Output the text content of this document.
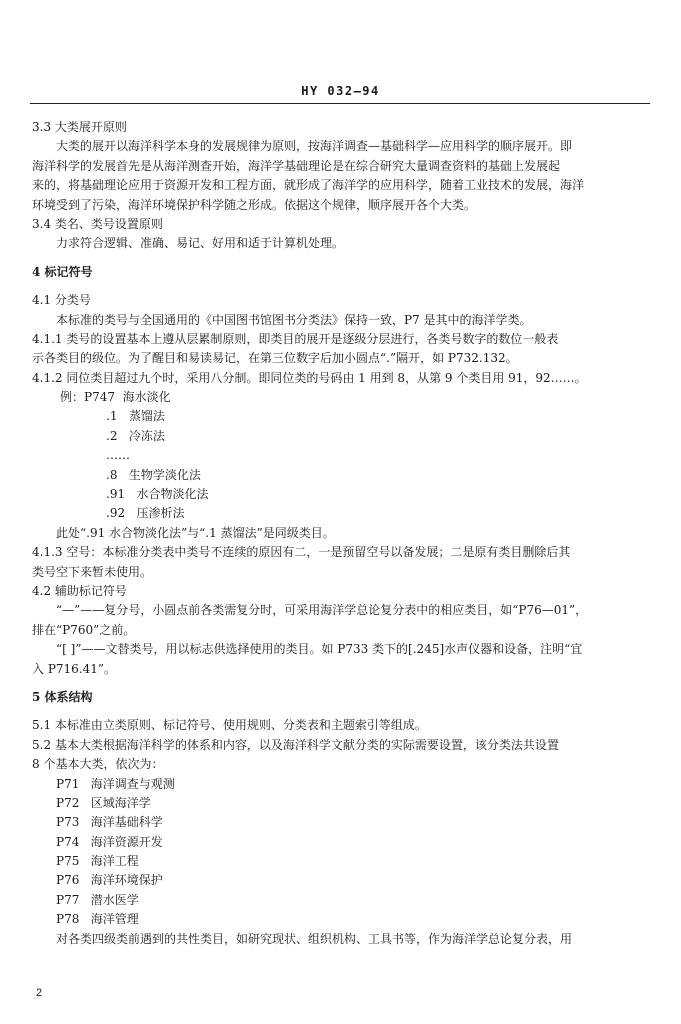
HY 032—94
3.3 大类展开原则
大类的展开以海洋科学本身的发展规律为原则，按海洋调查—基础科学—应用科学的顺序展开。即
海洋科学的发展首先是从海洋测查开始，海洋学基础理论是在综合研究大量调查资料的基础上发展起
来的，将基础理论应用于资源开发和工程方面，就形成了海洋学的应用科学，随着工业技术的发展，海洋
环境受到了污染，海洋环境保护科学随之形成。依据这个规律，顺序展开各个大类。
3.4 类名、类号设置原则
力求符合逻辑、准确、易记、好用和适于计算机处理。
4 标记符号
4.1 分类号
本标准的类号与全国通用的《中国图书馆图书分类法》保持一致，P7 是其中的海洋学类。
4.1.1 类号的设置基本上遵从层累制原则，即类目的展开是逐级分层进行，各类号数字的数位一般表
示各类目的级位。为了醒目和易读易记，在第三位数字后加小圆点“.”隔开，如 P732.132。
4.1.2 同位类目超过九个时，采用八分制。即同位类的号码由 1 用到 8，从第 9 个类目用 91，92……。
例：P747 海水淡化
.1 蒸馏法
.2 冷冻法
……
.8 生物学淡化法
.91 水合物淡化法
.92 压渗析法
此处“.91 水合物淡化法”与“.1 蒸馏法”是同级类目。
4.1.3 空号：本标准分类表中类号不连续的原因有二，一是预留空号以备发展；二是原有类目删除后其
类号空下来暂未使用。
4.2 辅助标记符号
“—”——复分号，小圆点前各类需复分时，可采用海洋学总论复分表中的相应类目，如“P76—01”，
排在“P760”之前。
“[ ]”——文替类号，用以标志供选择使用的类目。如 P733 类下的[.245]水声仪器和设备，注明“宜
入 P716.41”。
5 体系结构
5.1 本标准由立类原则、标记符号、使用规则、分类表和主题索引等组成。
5.2 基本大类根据海洋科学的体系和内容，以及海洋科学文献分类的实际需要设置，该分类法共设置
8 个基本大类，依次为：
P71 海洋调查与观测
P72 区域海洋学
P73 海洋基础科学
P74 海洋资源开发
P75 海洋工程
P76 海洋环境保护
P77 潜水医学
P78 海洋管理
对各类四级类前遇到的共性类目，如研究现状、组织机构、工具书等，作为海洋学总论复分表，用
2
